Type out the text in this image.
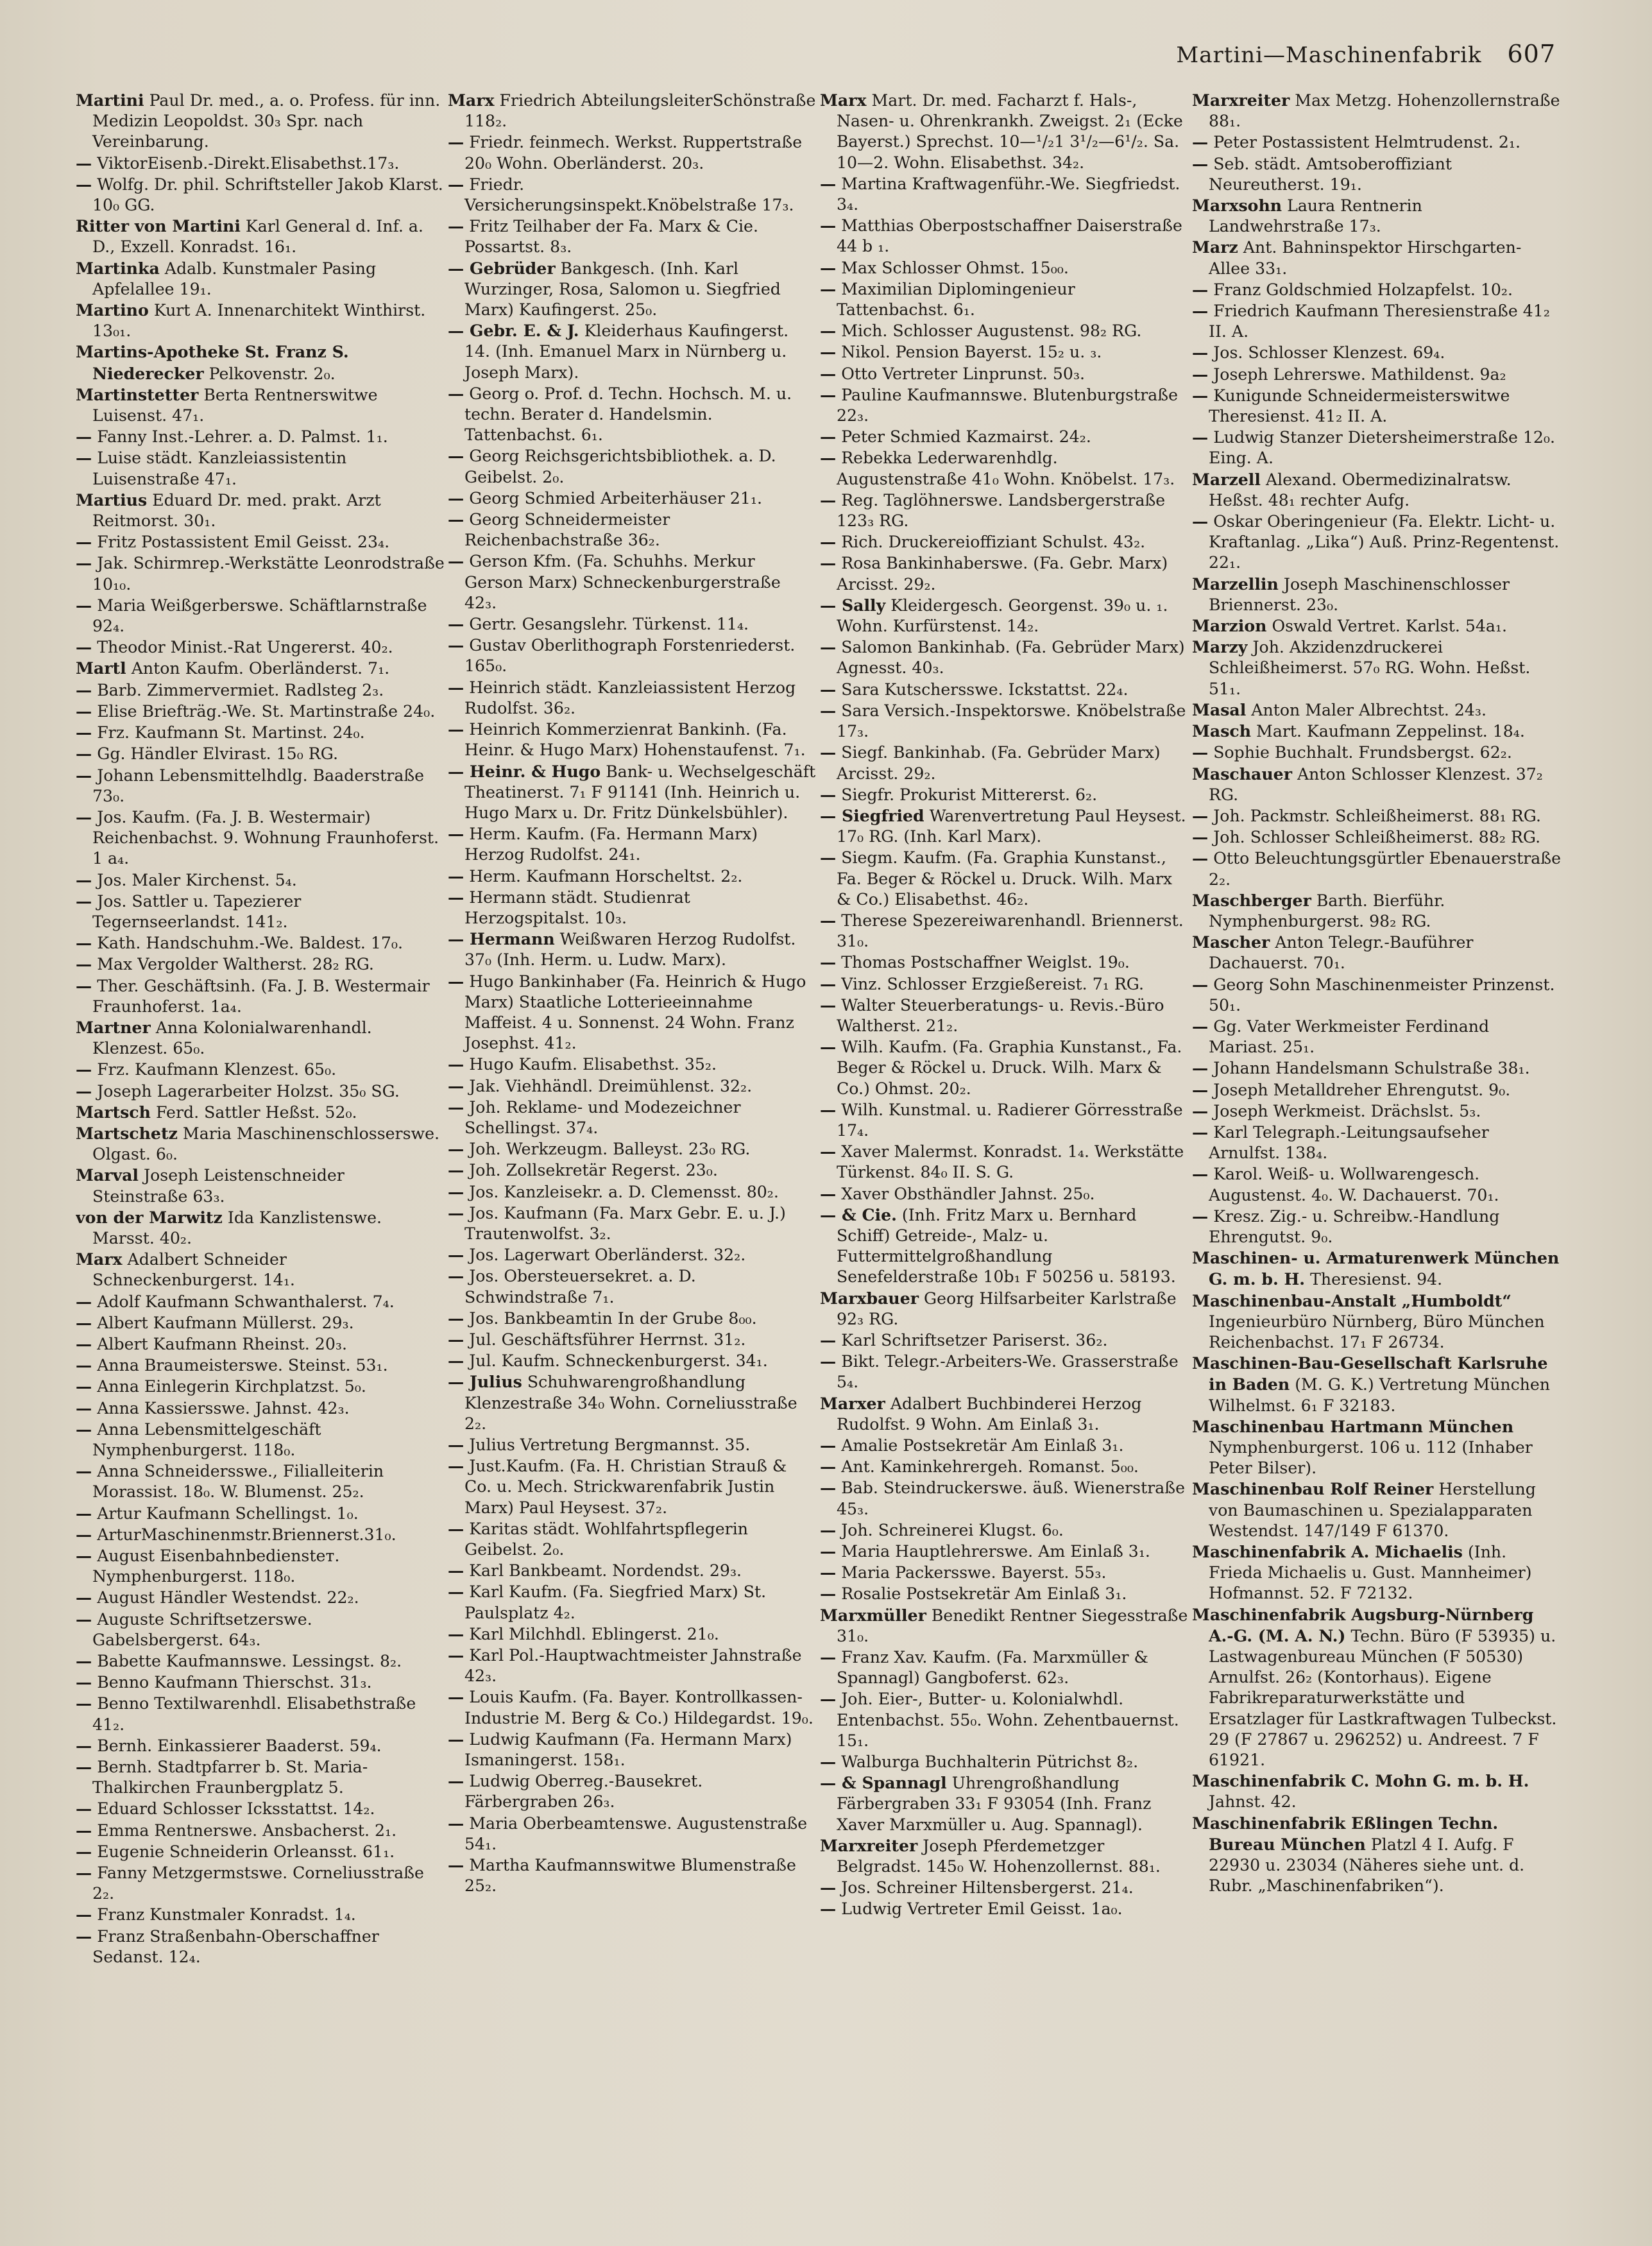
Martini—Maschinenfabrik 607

Martini Paul Dr. med., a. o. Profess. für inn. Medizin Leopoldst. 30₃ Spr. nach Vereinbarung.

— ViktorEisenb.-Direkt.Elisabethst.17₃.

— Wolfg. Dr. phil. Schriftsteller Jakob Klarst. 10₀ GG.

Ritter von Martini Karl General d. Inf. a. D., Exzell. Konradst. 16₁.

Martinka Adalb. Kunstmaler Pasing Apfelallee 19₁.

Martino Kurt A. Innenarchitekt Winthirst. 13₀₁.

Martins-Apotheke St. Franz S. Niederecker Pelkovenstr. 2₀.

Martinstetter Berta Rentnerswitwe Luisenst. 47₁.

— Fanny Inst.-Lehrer. a. D. Palmst. 1₁.

— Luise städt. Kanzleiassistentin Luisenstraße 47₁.

Martius Eduard Dr. med. prakt. Arzt Reitmorst. 30₁.

— Fritz Postassistent Emil Geisst. 23₄.

— Jak. Schirmrep.-Werkstätte Leonrodstraße 10₁₀.

— Maria Weißgerberswe. Schäftlarnstraße 92₄.

— Theodor Minist.-Rat Ungererst. 40₂.

Martl Anton Kaufm. Oberländerst. 7₁.

— Barb. Zimmervermiet. Radlsteg 2₃.

— Elise Briefträg.-We. St. Martinstraße 24₀.

— Frz. Kaufmann St. Martinst. 24₀.

— Gg. Händler Elvirast. 15₀ RG.

— Johann Lebensmittelhdlg. Baaderstraße 73₀.

— Jos. Kaufm. (Fa. J. B. Westermair) Reichenbachst. 9. Wohnung Fraunhoferst. 1 a₄.

— Jos. Maler Kirchenst. 5₄.

— Jos. Sattler u. Tapezierer Tegernseerlandst. 141₂.

— Kath. Handschuhm.-We. Baldest. 17₀.

— Max Vergolder Waltherst. 28₂ RG.

— Ther. Geschäftsinh. (Fa. J. B. Westermair Fraunhoferst. 1a₄.

Martner Anna Kolonialwarenhandl. Klenzest. 65₀.

— Frz. Kaufmann Klenzest. 65₀.

— Joseph Lagerarbeiter Holzst. 35₀ SG.

Martsch Ferd. Sattler Heßst. 52₀.

Martschetz Maria Maschinenschlosserswe. Olgast. 6₀.

Marval Joseph Leistenschneider Steinstraße 63₃.

von der Marwitz Ida Kanzlistenswe. Marsst. 40₂.

Marx Adalbert Schneider Schneckenburgerst. 14₁.

— Adolf Kaufmann Schwanthalerst. 7₄.

— Albert Kaufmann Müllerst. 29₃.

— Albert Kaufmann Rheinst. 20₃.

— Anna Braumeisterswe. Steinst. 53₁.

— Anna Einlegerin Kirchplatzst. 5₀.

— Anna Kassiersswe. Jahnst. 42₃.

— Anna Lebensmittelgeschäft Nymphenburgerst. 118₀.

— Anna Schneidersswe., Filialleiterin Morassist. 18₀. W. Blumenst. 25₂.

— Artur Kaufmann Schellingst. 1₀.

— ArturMaschinenmstr.Briennerst.31₀.

— August Eisenbahnbediensteт. Nymphenburgerst. 118₀.

— August Händler Westendst. 22₂.

— Auguste Schriftsetzerswe. Gabelsbergerst. 64₃.

— Babette Kaufmannswe. Lessingst. 8₂.

— Benno Kaufmann Thierschst. 31₃.

— Benno Textilwarenhdl. Elisabethstraße 41₂.

— Bernh. Einkassierer Baaderst. 59₄.

— Bernh. Stadtpfarrer b. St. Maria-Thalkirchen Fraunbergplatz 5.

— Eduard Schlosser Icksstattst. 14₂.

— Emma Rentnerswe. Ansbacherst. 2₁.

— Eugenie Schneiderin Orleansst. 61₁.

— Fanny Metzgermstswe. Corneliusstraße 2₂.

— Franz Kunstmaler Konradst. 1₄.

— Franz Straßenbahn-Oberschaffner Sedanst. 12₄.

Marx Friedrich AbteilungsleiterSchönstraße 118₂.

— Friedr. feinmech. Werkst. Ruppertstraße 20₀ Wohn. Oberländerst. 20₃.

— Friedr. Versicherungsinspekt.Knöbelstraße 17₃.

— Fritz Teilhaber der Fa. Marx & Cie. Possartst. 8₃.

— Gebrüder Bankgesch. (Inh. Karl Wurzinger, Rosa, Salomon u. Siegfried Marx) Kaufingerst. 25₀.

— Gebr. E. & J. Kleiderhaus Kaufingerst. 14. (Inh. Emanuel Marx in Nürnberg u. Joseph Marx).

— Georg o. Prof. d. Techn. Hochsch. M. u. techn. Berater d. Handelsmin. Tattenbachst. 6₁.

— Georg Reichsgerichtsbibliothek. a. D. Geibelst. 2₀.

— Georg Schmied Arbeiterhäuser 21₁.

— Georg Schneidermeister Reichenbachstraße 36₂.

— Gerson Kfm. (Fa. Schuhhs. Merkur Gerson Marx) Schneckenburgerstraße 42₃.

— Gertr. Gesangslehr. Türkenst. 11₄.

— Gustav Oberlithograph Forstenriederst. 165₀.

— Heinrich städt. Kanzleiassistent Herzog Rudolfst. 36₂.

— Heinrich Kommerzienrat Bankinh. (Fa. Heinr. & Hugo Marx) Hohenstaufenst. 7₁.

— Heinr. & Hugo Bank- u. Wechselgeschäft Theatinerst. 7₁ F 91141 (Inh. Heinrich u. Hugo Marx u. Dr. Fritz Dünkelsbühler).

— Herm. Kaufm. (Fa. Hermann Marx) Herzog Rudolfst. 24₁.

— Herm. Kaufmann Horscheltst. 2₂.

— Hermann städt. Studienrat Herzogspitalst. 10₃.

— Hermann Weißwaren Herzog Rudolfst. 37₀ (Inh. Herm. u. Ludw. Marx).

— Hugo Bankinhaber (Fa. Heinrich & Hugo Marx) Staatliche Lotterieeinnahme Maffeist. 4 u. Sonnenst. 24 Wohn. Franz Josephst. 41₂.

— Hugo Kaufm. Elisabethst. 35₂.

— Jak. Viehhändl. Dreimühlenst. 32₂.

— Joh. Reklame- und Modezeichner Schellingst. 37₄.

— Joh. Werkzeugm. Balleyst. 23₀ RG.

— Joh. Zollsekretär Regerst. 23₀.

— Jos. Kanzleisekr. a. D. Clemensst. 80₂.

— Jos. Kaufmann (Fa. Marx Gebr. E. u. J.) Trautenwolfst. 3₂.

— Jos. Lagerwart Oberländerst. 32₂.

— Jos. Obersteuersekret. a. D. Schwindstraße 7₁.

— Jos. Bankbeamtin In der Grube 8₀₀.

— Jul. Geschäftsführer Herrnst. 31₂.

— Jul. Kaufm. Schneckenburgerst. 34₁.

— Julius Schuhwarengroßhandlung Klenzestraße 34₀ Wohn. Corneliusstraße 2₂.

— Julius Vertretung Bergmannst. 35.

— Just.Kaufm. (Fa. H. Christian Strauß & Co. u. Mech. Strickwarenfabrik Justin Marx) Paul Heysest. 37₂.

— Karitas städt. Wohlfahrtspflegerin Geibelst. 2₀.

— Karl Bankbeamt. Nordendst. 29₃.

— Karl Kaufm. (Fa. Siegfried Marx) St. Paulsplatz 4₂.

— Karl Milchhdl. Eblingerst. 21₀.

— Karl Pol.-Hauptwachtmeister Jahnstraße 42₃.

— Louis Kaufm. (Fa. Bayer. Kontrollkassen-Industrie M. Berg & Co.) Hildegardst. 19₀.

— Ludwig Kaufmann (Fa. Hermann Marx) Ismaningerst. 158₁.

— Ludwig Oberreg.-Bausekret. Färbergraben 26₃.

— Maria Oberbeamtenswe. Augustenstraße 54₁.

— Martha Kaufmannswitwe Blumenstraße 25₂.

Marx Mart. Dr. med. Facharzt f. Hals-, Nasen- u. Ohrenkrankh. Zweigst. 2₁ (Ecke Bayerst.) Sprechst. 10—¹/₂1 3¹/₂—6¹/₂. Sa. 10—2. Wohn. Elisabethst. 34₂.

— Martina Kraftwagenführ.-We. Siegfriedst. 3₄.

— Matthias Oberpostschaffner Daiserstraße 44 b ₁.

— Max Schlosser Ohmst. 15₀₀.

— Maximilian Diplomingenieur Tattenbachst. 6₁.

— Mich. Schlosser Augustenst. 98₂ RG.

— Nikol. Pension Bayerst. 15₂ u. ₃.

— Otto Vertreter Linprunst. 50₃.

— Pauline Kaufmannswe. Blutenburgstraße 22₃.

— Peter Schmied Kazmairst. 24₂.

— Rebekka Lederwarenhdlg. Augustenstraße 41₀ Wohn. Knöbelst. 17₃.

— Reg. Taglöhnerswe. Landsbergerstraße 123₃ RG.

— Rich. Druckereioffiziant Schulst. 43₂.

— Rosa Bankinhaberswe. (Fa. Gebr. Marx) Arcisst. 29₂.

— Sally Kleidergesch. Georgenst. 39₀ u. ₁. Wohn. Kurfürstenst. 14₂.

— Salomon Bankinhab. (Fa. Gebrüder Marx) Agnesst. 40₃.

— Sara Kutschersswe. Ickstattst. 22₄.

— Sara Versich.-Inspektorswe. Knöbelstraße 17₃.

— Siegf. Bankinhab. (Fa. Gebrüder Marx) Arcisst. 29₂.

— Siegfr. Prokurist Mittererst. 6₂.

— Siegfried Warenvertretung Paul Heysest. 17₀ RG. (Inh. Karl Marx).

— Siegm. Kaufm. (Fa. Graphia Kunstanst., Fa. Beger & Röckel u. Druck. Wilh. Marx & Co.) Elisabethst. 46₂.

— Therese Spezereiwarenhandl. Briennerst. 31₀.

— Thomas Postschaffner Weiglst. 19₀.

— Vinz. Schlosser Erzgießereist. 7₁ RG.

— Walter Steuerberatungs- u. Revis.-Büro Waltherst. 21₂.

— Wilh. Kaufm. (Fa. Graphia Kunstanst., Fa. Beger & Röckel u. Druck. Wilh. Marx & Co.) Ohmst. 20₂.

— Wilh. Kunstmal. u. Radierer Görresstraße 17₄.

— Xaver Malermst. Konradst. 1₄. Werkstätte Türkenst. 84₀ II. S. G.

— Xaver Obsthändler Jahnst. 25₀.

— & Cie. (Inh. Fritz Marx u. Bernhard Schiff) Getreide-, Malz- u. Futtermittelgroßhandlung Senefelderstraße 10b₁ F 50256 u. 58193.

Marxbauer Georg Hilfsarbeiter Karlstraße 92₃ RG.

— Karl Schriftsetzer Pariserst. 36₂.

— Bikt. Telegr.-Arbeiters-We. Grasserstraße 5₄.

Marxer Adalbert Buchbinderei Herzog Rudolfst. 9 Wohn. Am Einlaß 3₁.

— Amalie Postsekretär Am Einlaß 3₁.

— Ant. Kaminkehrergeh. Romanst. 5₀₀.

— Bab. Steindruckerswe. äuß. Wienerstraße 45₃.

— Joh. Schreinerei Klugst. 6₀.

— Maria Hauptlehrerswe. Am Einlaß 3₁.

— Maria Packersswe. Bayerst. 55₃.

— Rosalie Postsekretär Am Einlaß 3₁.

Marxmüller Benedikt Rentner Siegesstraße 31₀.

— Franz Xav. Kaufm. (Fa. Marxmüller & Spannagl) Gangboferst. 62₃.

— Joh. Eier-, Butter- u. Kolonialwhdl. Entenbachst. 55₀. Wohn. Zehentbauernst. 15₁.

— Walburga Buchhalterin Pütrichst 8₂.

— & Spannagl Uhrengroßhandlung Färbergraben 33₁ F 93054 (Inh. Franz Xaver Marxmüller u. Aug. Spannagl).

Marxreiter Joseph Pferdemetzger Belgradst. 145₀ W. Hohenzollernst. 88₁.

— Jos. Schreiner Hiltensbergerst. 21₄.

— Ludwig Vertreter Emil Geisst. 1a₀.

Marxreiter Max Metzg. Hohenzollernstraße 88₁.

— Peter Postassistent Helmtrudenst. 2₁.

— Seb. städt. Amtsoberoffiziant Neureutherst. 19₁.

Marxsohn Laura Rentnerin Landwehrstraße 17₃.

Marz Ant. Bahninspektor Hirschgarten-Allee 33₁.

— Franz Goldschmied Holzapfelst. 10₂.

— Friedrich Kaufmann Theresienstraße 41₂ II. A.

— Jos. Schlosser Klenzest. 69₄.

— Joseph Lehrerswe. Mathildenst. 9a₂

— Kunigunde Schneidermeisterswitwe Theresienst. 41₂ II. A.

— Ludwig Stanzer Dietersheimerstraße 12₀. Eing. A.

Marzell Alexand. Obermedizinalratsw. Heßst. 48₁ rechter Aufg.

— Oskar Oberingenieur (Fa. Elektr. Licht- u. Kraftanlag. „Lika“) Auß. Prinz-Regentenst. 22₁.

Marzellin Joseph Maschinenschlosser Briennerst. 23₀.

Marzion Oswald Vertret. Karlst. 54a₁.

Marzy Joh. Akzidenzdruckerei Schleißheimerst. 57₀ RG. Wohn. Heßst. 51₁.

Masal Anton Maler Albrechtst. 24₃.

Masch Mart. Kaufmann Zeppelinst. 18₄.

— Sophie Buchhalt. Frundsbergst. 62₂.

Maschauer Anton Schlosser Klenzest. 37₂ RG.

— Joh. Packmstr. Schleißheimerst. 88₁ RG.

— Joh. Schlosser Schleißheimerst. 88₂ RG.

— Otto Beleuchtungsgürtler Ebenauerstraße 2₂.

Maschberger Barth. Bierführ. Nymphenburgerst. 98₂ RG.

Mascher Anton Telegr.-Bauführer Dachauerst. 70₁.

— Georg Sohn Maschinenmeister Prinzenst. 50₁.

— Gg. Vater Werkmeister Ferdinand Mariast. 25₁.

— Johann Handelsmann Schulstraße 38₁.

— Joseph Metalldreher Ehrengutst. 9₀.

— Joseph Werkmeist. Drächslst. 5₃.

— Karl Telegraph.-Leitungsaufseher Arnulfst. 138₄.

— Karol. Weiß- u. Wollwarengesch. Augustenst. 4₀. W. Dachauerst. 70₁.

— Kresz. Zig.- u. Schreibw.-Handlung Ehrengutst. 9₀.

Maschinen- u. Armaturenwerk München G. m. b. H. Theresienst. 94.

Maschinenbau-Anstalt „Humboldt“ Ingenieurbüro Nürnberg, Büro München Reichenbachst. 17₁ F 26734.

Maschinen-Bau-Gesellschaft Karlsruhe in Baden (M. G. K.) Vertretung München Wilhelmst. 6₁ F 32183.

Maschinenbau Hartmann München Nymphenburgerst. 106 u. 112 (Inhaber Peter Bilser).

Maschinenbau Rolf Reiner Herstellung von Baumaschinen u. Spezialapparaten Westendst. 147/149 F 61370.

Maschinenfabrik A. Michaelis (Inh. Frieda Michaelis u. Gust. Mannheimer) Hofmannst. 52. F 72132.

Maschinenfabrik Augsburg-Nürnberg A.-G. (M. A. N.) Techn. Büro (F 53935) u. Lastwagenbureau München (F 50530) Arnulfst. 26₂ (Kontorhaus). Eigene Fabrikreparaturwerkstätte und Ersatzlager für Lastkraftwagen Tulbeckst. 29 (F 27867 u. 296252) u. Andreest. 7 F 61921.

Maschinenfabrik C. Mohn G. m. b. H. Jahnst. 42.

Maschinenfabrik Eßlingen Techn. Bureau München Platzl 4 I. Aufg. F 22930 u. 23034 (Näheres siehe unt. d. Rubr. „Maschinenfabriken“).
